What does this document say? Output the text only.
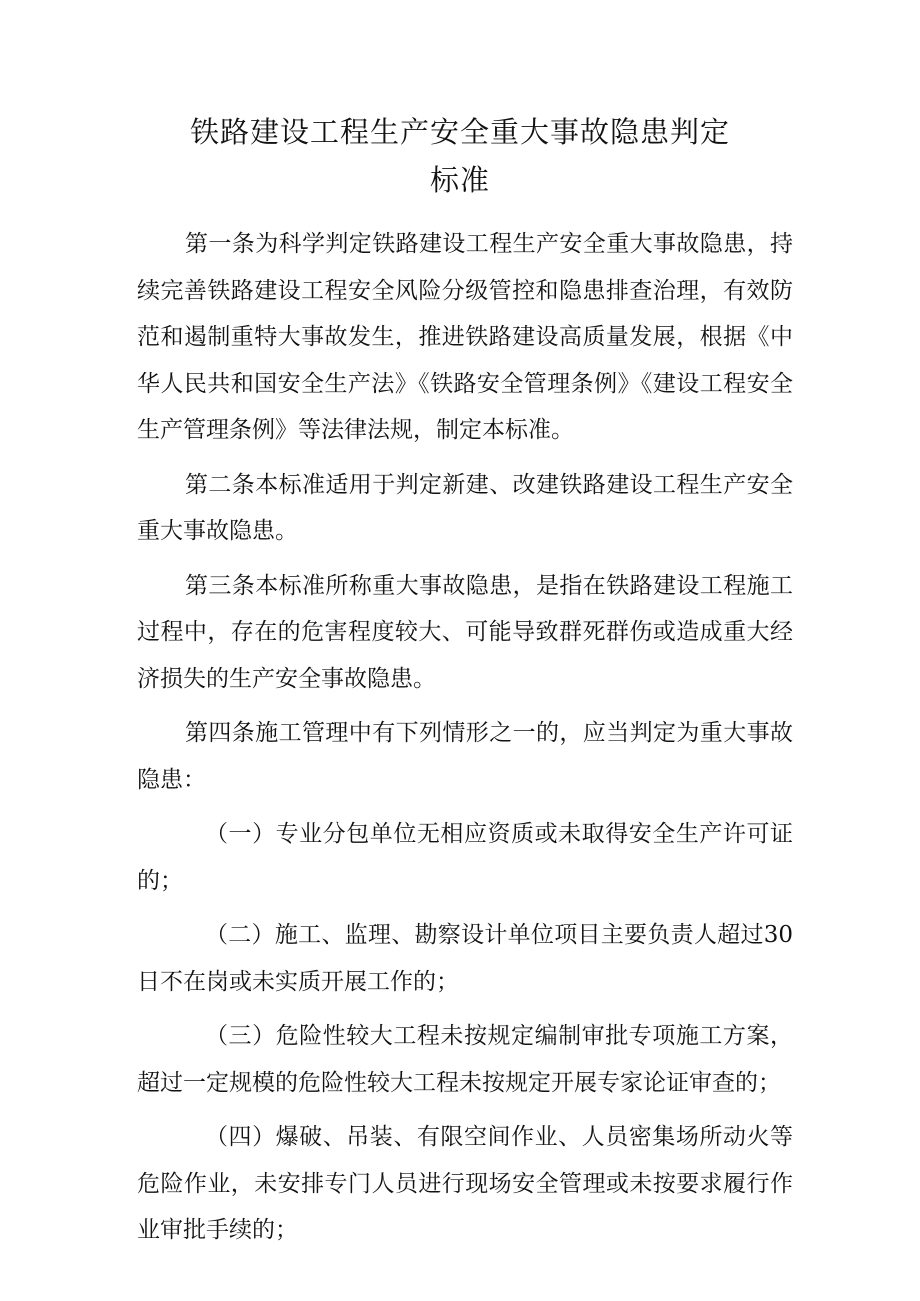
铁路建设工程生产安全重大事故隐患判定
标准

第一条为科学判定铁路建设工程生产安全重大事故隐患，持续完善铁路建设工程安全风险分级管控和隐患排查治理，有效防范和遏制重特大事故发生，推进铁路建设高质量发展，根据《中华人民共和国安全生产法》《铁路安全管理条例》《建设工程安全生产管理条例》等法律法规，制定本标准。

第二条本标准适用于判定新建、改建铁路建设工程生产安全重大事故隐患。

第三条本标准所称重大事故隐患，是指在铁路建设工程施工过程中，存在的危害程度较大、可能导致群死群伤或造成重大经济损失的生产安全事故隐患。

第四条施工管理中有下列情形之一的，应当判定为重大事故隐患：

（一）专业分包单位无相应资质或未取得安全生产许可证的；

（二）施工、监理、勘察设计单位项目主要负责人超过30日不在岗或未实质开展工作的；

（三）危险性较大工程未按规定编制审批专项施工方案，超过一定规模的危险性较大工程未按规定开展专家论证审查的；

（四）爆破、吊装、有限空间作业、人员密集场所动火等危险作业，未安排专门人员进行现场安全管理或未按要求履行作业审批手续的；
